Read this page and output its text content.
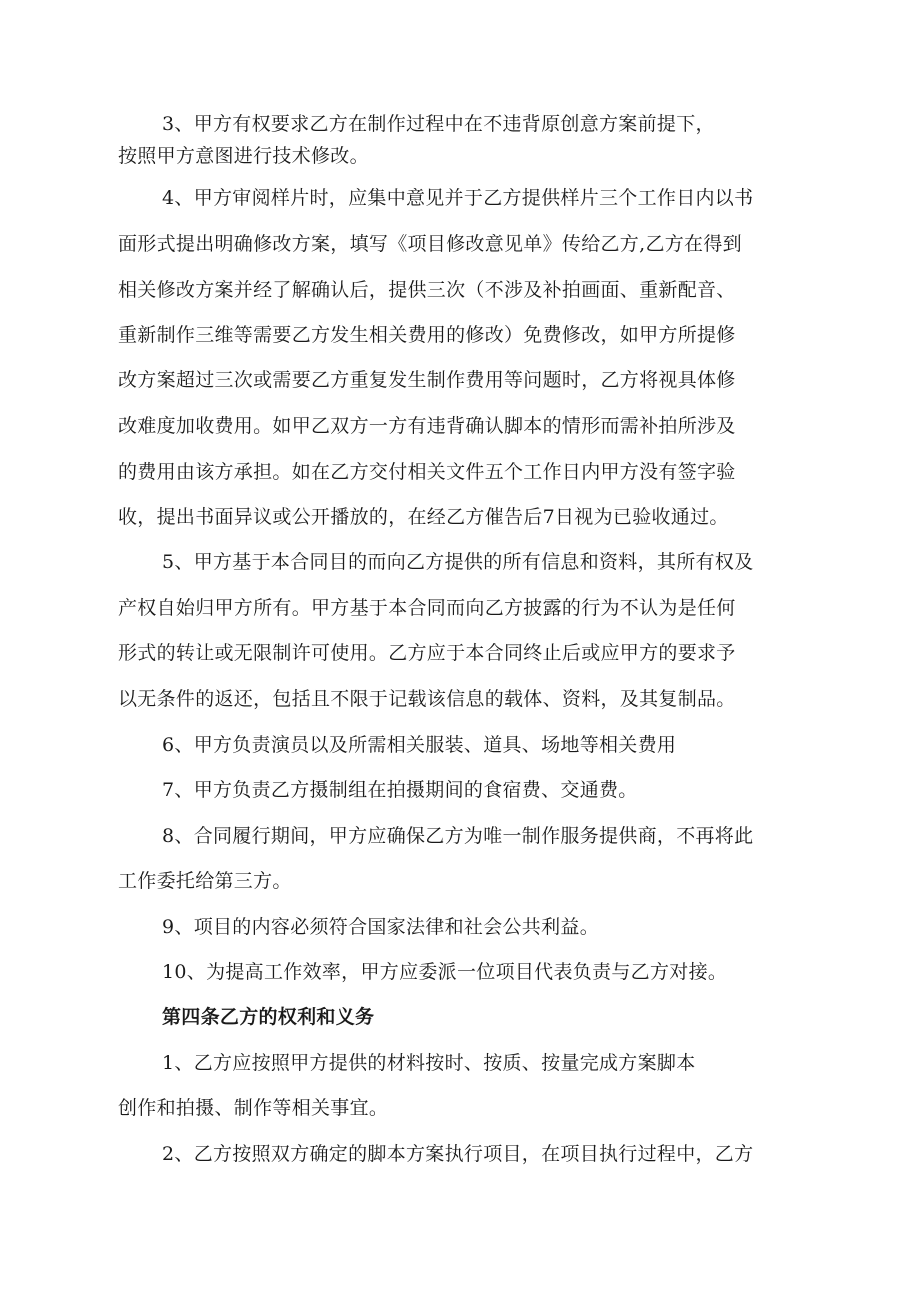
3、甲方有权要求乙方在制作过程中在不违背原创意方案前提下，

按照甲方意图进行技术修改。

4、甲方审阅样片时，应集中意见并于乙方提供样片三个工作日内以书

面形式提出明确修改方案，填写《项目修改意见单》传给乙方,乙方在得到

相关修改方案并经了解确认后，提供三次（不涉及补拍画面、重新配音、

重新制作三维等需要乙方发生相关费用的修改）免费修改，如甲方所提修

改方案超过三次或需要乙方重复发生制作费用等问题时，乙方将视具体修

改难度加收费用。如甲乙双方一方有违背确认脚本的情形而需补拍所涉及

的费用由该方承担。如在乙方交付相关文件五个工作日内甲方没有签字验

收，提出书面异议或公开播放的，在经乙方催告后7日视为已验收通过。

5、甲方基于本合同目的而向乙方提供的所有信息和资料，其所有权及

产权自始归甲方所有。甲方基于本合同而向乙方披露的行为不认为是任何

形式的转让或无限制许可使用。乙方应于本合同终止后或应甲方的要求予

以无条件的返还，包括且不限于记载该信息的载体、资料，及其复制品。

6、甲方负责演员以及所需相关服装、道具、场地等相关费用

7、甲方负责乙方摄制组在拍摄期间的食宿费、交通费。

8、合同履行期间，甲方应确保乙方为唯一制作服务提供商，不再将此

工作委托给第三方。

9、项目的内容必须符合国家法律和社会公共利益。

10、为提高工作效率，甲方应委派一位项目代表负责与乙方对接。

第四条乙方的权利和义务

1、乙方应按照甲方提供的材料按时、按质、按量完成方案脚本

创作和拍摄、制作等相关事宜。

2、乙方按照双方确定的脚本方案执行项目，在项目执行过程中，乙方
